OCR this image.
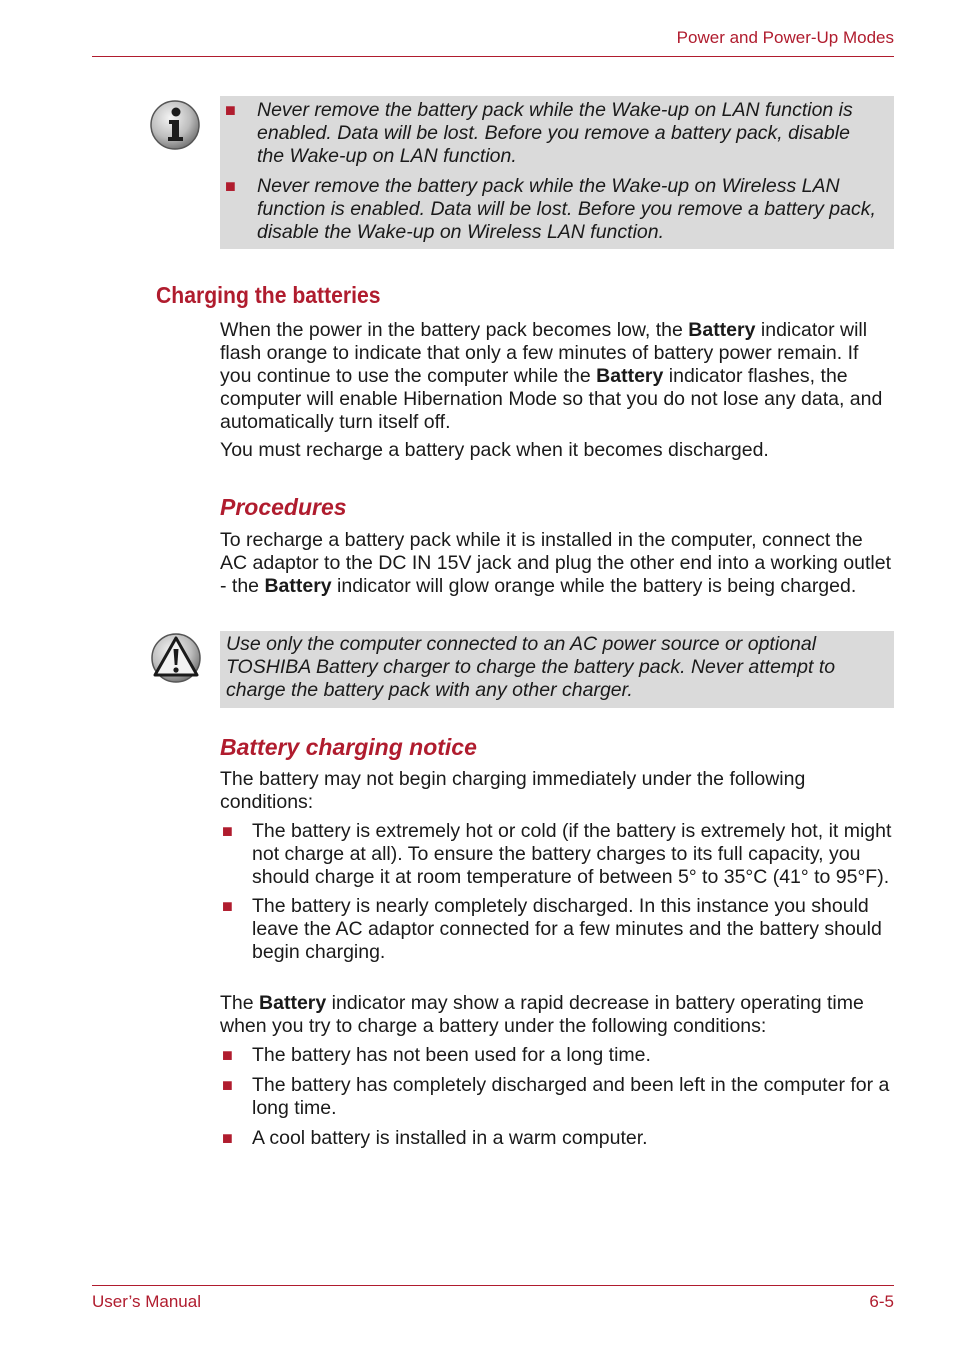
Power and Power-Up Modes
■ Never remove the battery pack while the Wake-up on LAN function is enabled. Data will be lost. Before you remove a battery pack, disable the Wake-up on LAN function.
■ Never remove the battery pack while the Wake-up on Wireless LAN function is enabled. Data will be lost. Before you remove a battery pack, disable the Wake-up on Wireless LAN function.
Charging the batteries

When the power in the battery pack becomes low, the Battery indicator will flash orange to indicate that only a few minutes of battery power remain. If you continue to use the computer while the Battery indicator flashes, the computer will enable Hibernation Mode so that you do not lose any data, and automatically turn itself off.

You must recharge a battery pack when it becomes discharged.

Procedures

To recharge a battery pack while it is installed in the computer, connect the AC adaptor to the DC IN 15V jack and plug the other end into a working outlet - the Battery indicator will glow orange while the battery is being charged.

Use only the computer connected to an AC power source or optional TOSHIBA Battery charger to charge the battery pack. Never attempt to charge the battery pack with any other charger.
Battery charging notice

The battery may not begin charging immediately under the following conditions:

■ The battery is extremely hot or cold (if the battery is extremely hot, it might not charge at all). To ensure the battery charges to its full capacity, you should charge it at room temperature of between 5° to 35°C (41° to 95°F).
■ The battery is nearly completely discharged. In this instance you should leave the AC adaptor connected for a few minutes and the battery should begin charging.

The Battery indicator may show a rapid decrease in battery operating time when you try to charge a battery under the following conditions:

■ The battery has not been used for a long time.
■ The battery has completely discharged and been left in the computer for a long time.
■ A cool battery is installed in a warm computer.
User’s Manual	6-5
